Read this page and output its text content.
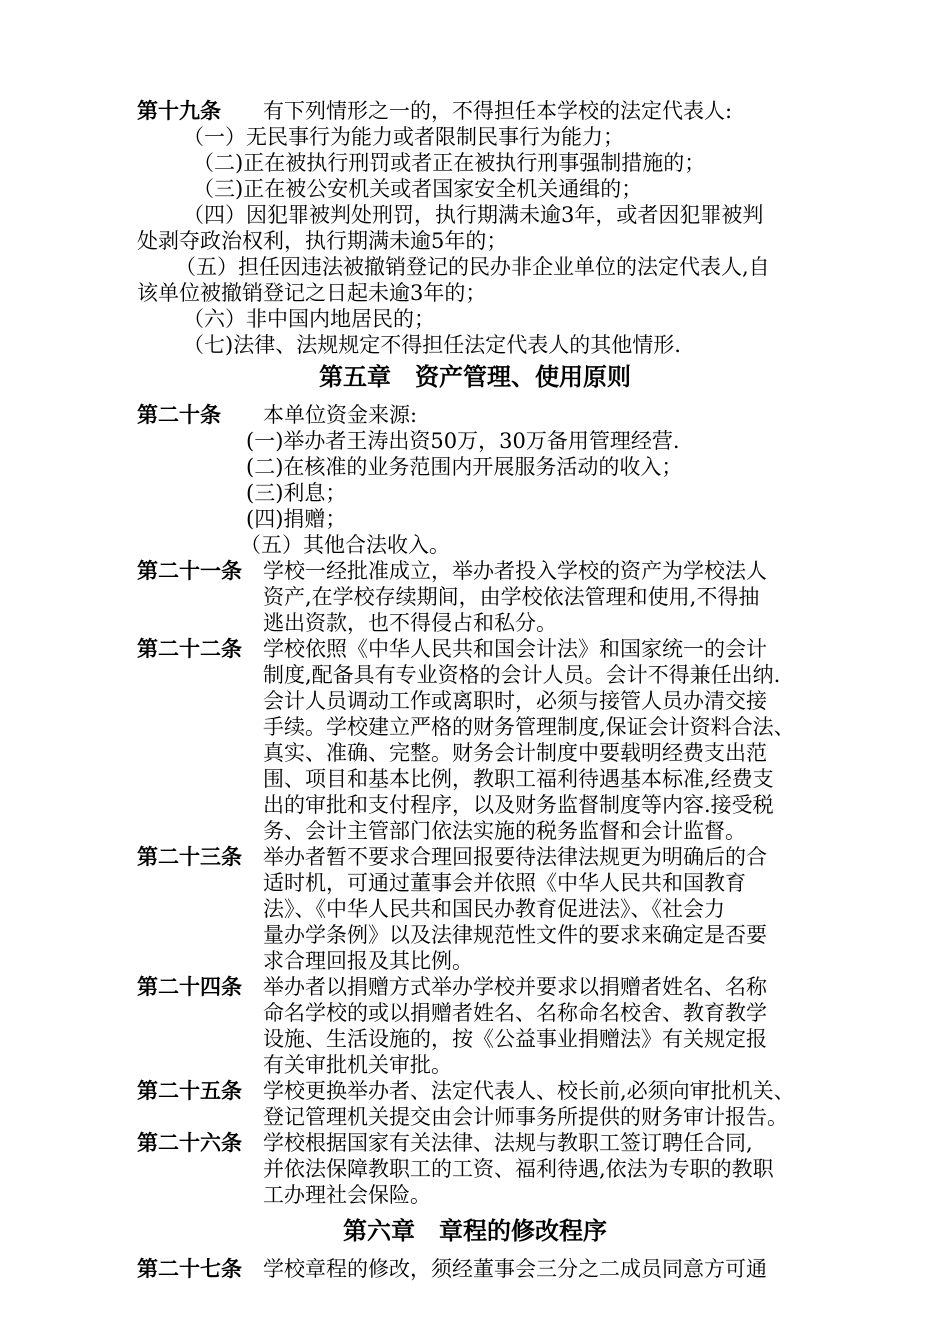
第十九条 有下列情形之一的，不得担任本学校的法定代表人:
（一）无民事行为能力或者限制民事行为能力；
（二)正在被执行刑罚或者正在被执行刑事强制措施的；
（三)正在被公安机关或者国家安全机关通缉的；
（四）因犯罪被判处刑罚，执行期满未逾3年，或者因犯罪被判
处剥夺政治权利，执行期满未逾5年的；
（五）担任因违法被撤销登记的民办非企业单位的法定代表人,自
该单位被撤销登记之日起未逾3年的；
（六）非中国内地居民的；
（七)法律、法规规定不得担任法定代表人的其他情形.
第五章　资产管理、使用原则
第二十条 本单位资金来源:
(一)举办者王涛出资50万，30万备用管理经营.
(二)在核准的业务范围内开展服务活动的收入；
(三)利息；
(四)捐赠；
（五）其他合法收入。
第二十一条 学校一经批准成立，举办者投入学校的资产为学校法人
资产,在学校存续期间，由学校依法管理和使用,不得抽
逃出资款，也不得侵占和私分。
第二十二条 学校依照《中华人民共和国会计法》和国家统一的会计
制度,配备具有专业资格的会计人员。会计不得兼任出纳.
会计人员调动工作或离职时，必须与接管人员办清交接
手续。学校建立严格的财务管理制度,保证会计资料合法、
真实、准确、完整。财务会计制度中要载明经费支出范
围、项目和基本比例，教职工福利待遇基本标准,经费支
出的审批和支付程序，以及财务监督制度等内容.接受税
务、会计主管部门依法实施的税务监督和会计监督。
第二十三条 举办者暂不要求合理回报要待法律法规更为明确后的合
适时机，可通过董事会并依照《中华人民共和国教育
法》、《中华人民共和国民办教育促进法》、《社会力
量办学条例》以及法律规范性文件的要求来确定是否要
求合理回报及其比例。
第二十四条 举办者以捐赠方式举办学校并要求以捐赠者姓名、名称
命名学校的或以捐赠者姓名、名称命名校舍、教育教学
设施、生活设施的，按《公益事业捐赠法》有关规定报
有关审批机关审批。
第二十五条 学校更换举办者、法定代表人、校长前,必须向审批机关、
登记管理机关提交由会计师事务所提供的财务审计报告。
第二十六条 学校根据国家有关法律、法规与教职工签订聘任合同,
并依法保障教职工的工资、福利待遇,依法为专职的教职
工办理社会保险。
第六章　章程的修改程序
第二十七条 学校章程的修改，须经董事会三分之二成员同意方可通
